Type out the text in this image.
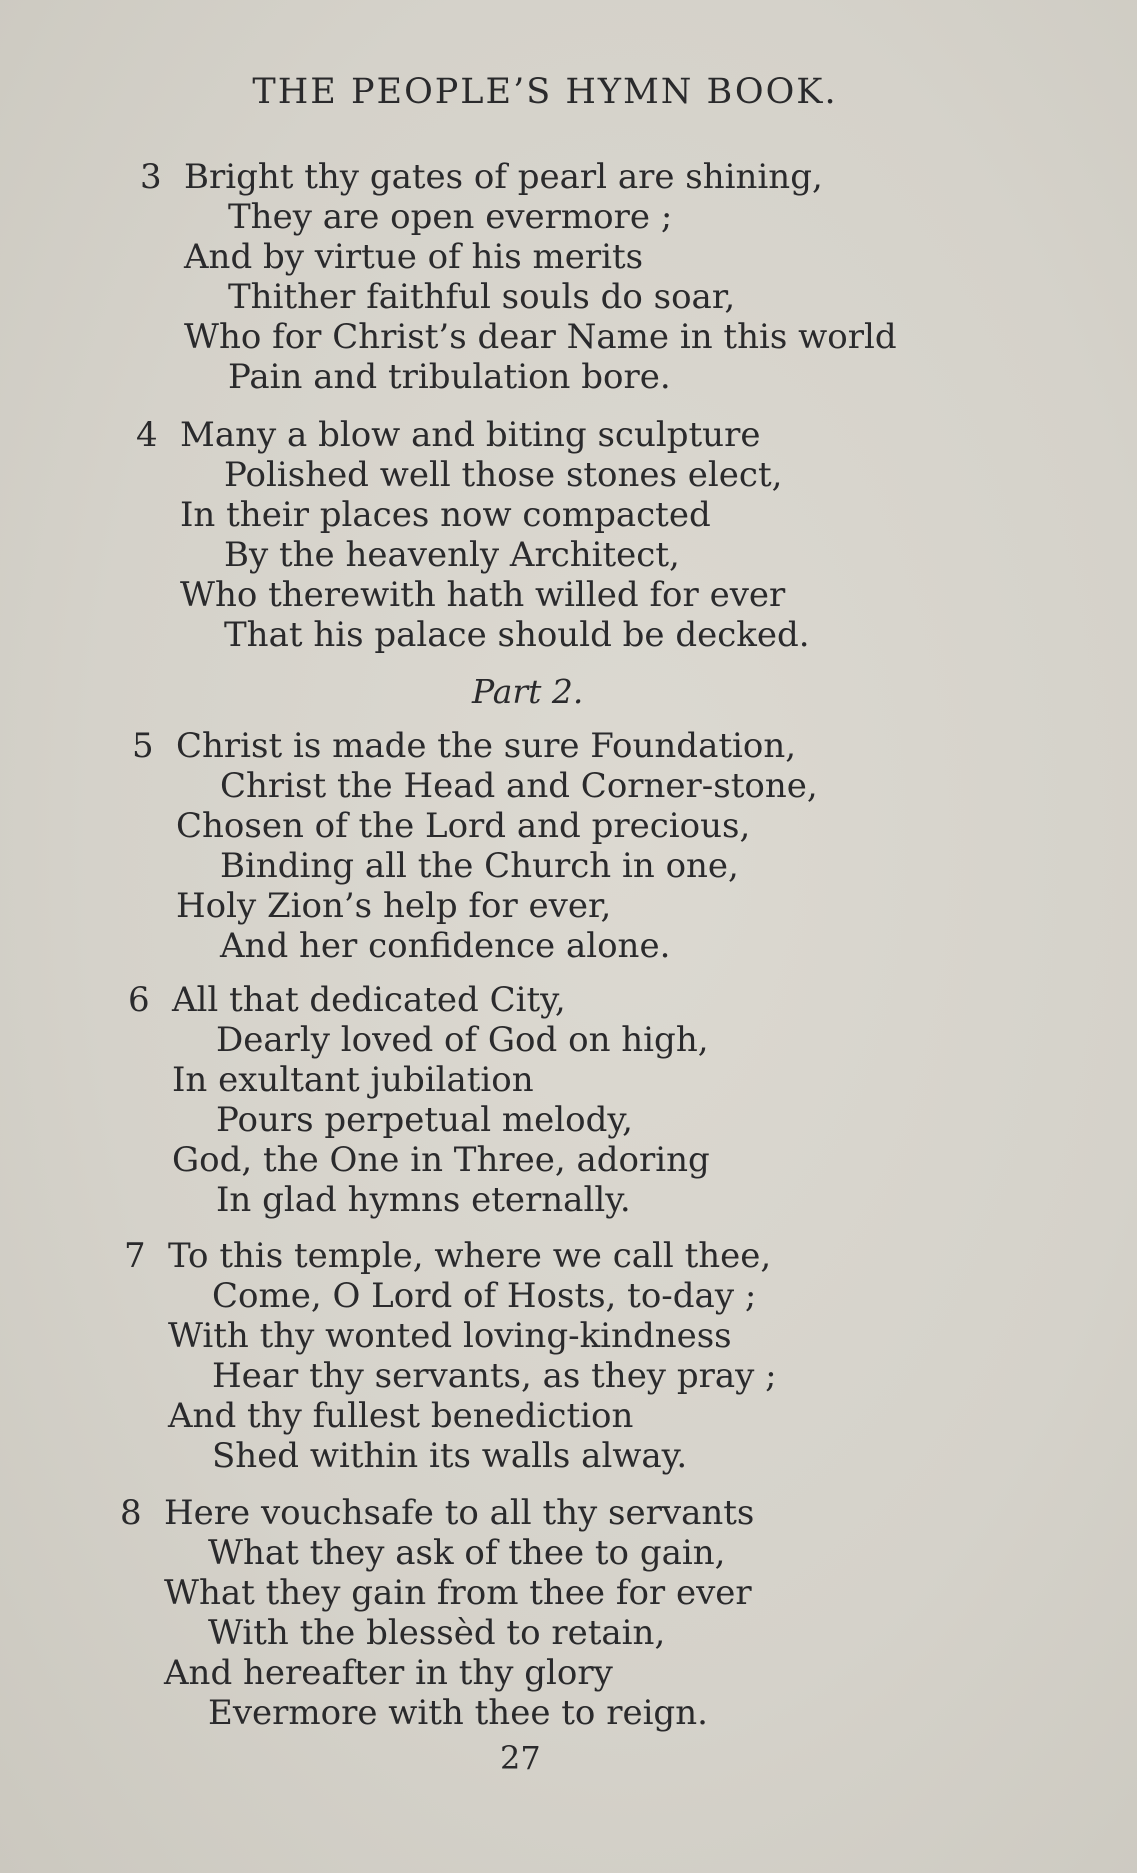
THE PEOPLE’S HYMN BOOK.
3 Bright thy gates of pearl are shining,
They are open evermore ;
And by virtue of his merits
Thither faithful souls do soar,
Who for Christ’s dear Name in this world
Pain and tribulation bore.
4 Many a blow and biting sculpture
Polished well those stones elect,
In their places now compacted
By the heavenly Architect,
Who therewith hath willed for ever
That his palace should be decked.
Part 2.
5 Christ is made the sure Foundation,
Christ the Head and Corner-stone,
Chosen of the Lord and precious,
Binding all the Church in one,
Holy Zion’s help for ever,
And her confidence alone.
6 All that dedicated City,
Dearly loved of God on high,
In exultant jubilation
Pours perpetual melody,
God, the One in Three, adoring
In glad hymns eternally.
7 To this temple, where we call thee,
Come, O Lord of Hosts, to-day ;
With thy wonted loving-kindness
Hear thy servants, as they pray ;
And thy fullest benediction
Shed within its walls alway.
8 Here vouchsafe to all thy servants
What they ask of thee to gain,
What they gain from thee for ever
With the blessèd to retain,
And hereafter in thy glory
Evermore with thee to reign.
27
